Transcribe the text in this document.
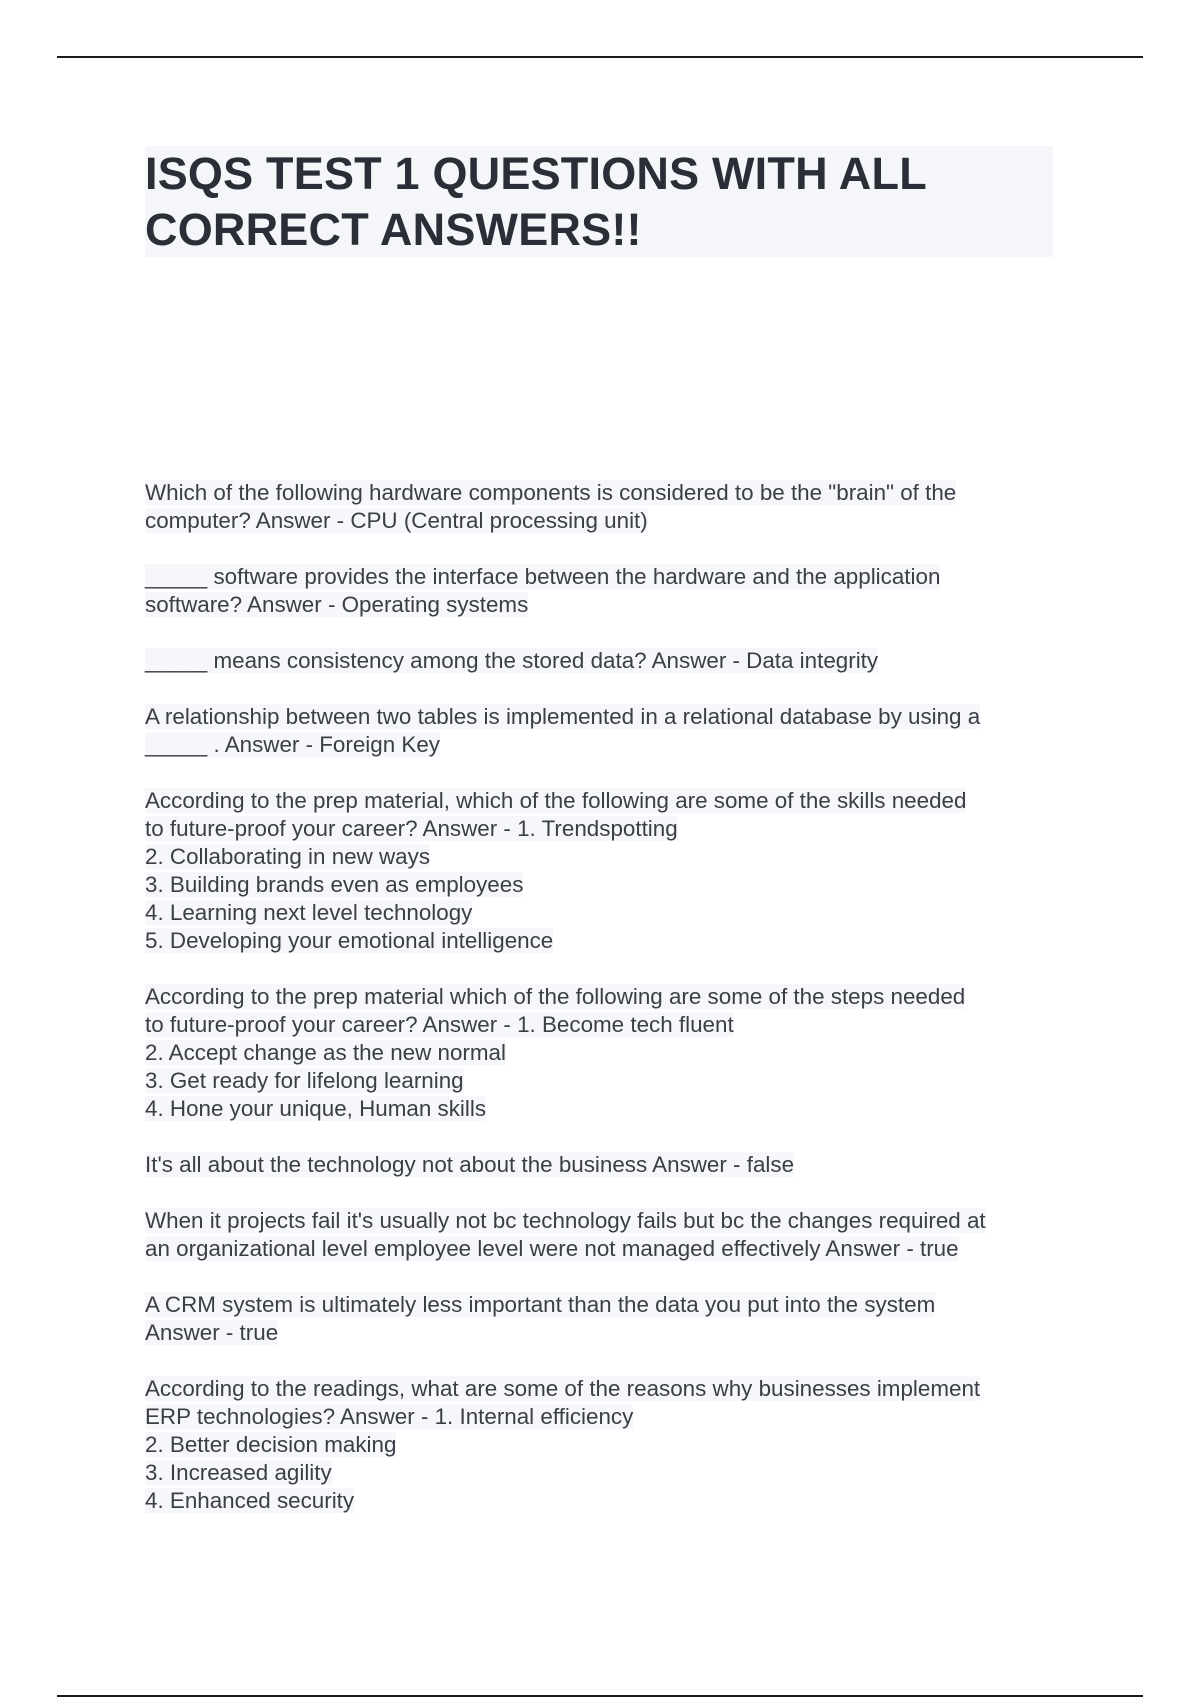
ISQS TEST 1 QUESTIONS WITH ALL
CORRECT ANSWERS!!
Which of the following hardware components is considered to be the "brain" of the
computer? Answer - CPU (Central processing unit)
_____ software provides the interface between the hardware and the application
software? Answer - Operating systems
_____ means consistency among the stored data? Answer - Data integrity
A relationship between two tables is implemented in a relational database by using a
_____ . Answer - Foreign Key
According to the prep material, which of the following are some of the skills needed
to future-proof your career? Answer - 1. Trendspotting
2. Collaborating in new ways
3. Building brands even as employees
4. Learning next level technology
5. Developing your emotional intelligence
According to the prep material which of the following are some of the steps needed
to future-proof your career? Answer - 1. Become tech fluent
2. Accept change as the new normal
3. Get ready for lifelong learning
4. Hone your unique, Human skills
It's all about the technology not about the business Answer - false
When it projects fail it's usually not bc technology fails but bc the changes required at
an organizational level employee level were not managed effectively Answer - true
A CRM system is ultimately less important than the data you put into the system
Answer - true
According to the readings, what are some of the reasons why businesses implement
ERP technologies? Answer - 1. Internal efficiency
2. Better decision making
3. Increased agility
4. Enhanced security
